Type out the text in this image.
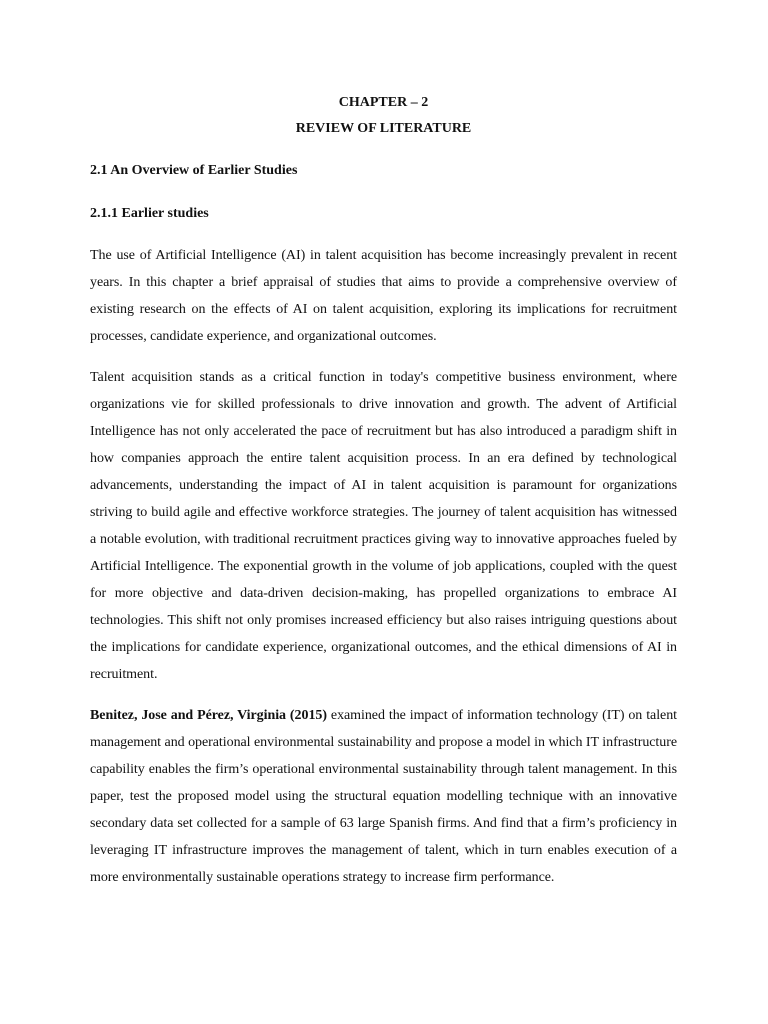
CHAPTER – 2
REVIEW OF LITERATURE
2.1 An Overview of Earlier Studies
2.1.1 Earlier studies

The use of Artificial Intelligence (AI) in talent acquisition has become increasingly prevalent in recent years. In this chapter a brief appraisal of studies that aims to provide a comprehensive overview of existing research on the effects of AI on talent acquisition, exploring its implications for recruitment processes, candidate experience, and organizational outcomes.

Talent acquisition stands as a critical function in today's competitive business environment, where organizations vie for skilled professionals to drive innovation and growth. The advent of Artificial Intelligence has not only accelerated the pace of recruitment but has also introduced a paradigm shift in how companies approach the entire talent acquisition process. In an era defined by technological advancements, understanding the impact of AI in talent acquisition is paramount for organizations striving to build agile and effective workforce strategies. The journey of talent acquisition has witnessed a notable evolution, with traditional recruitment practices giving way to innovative approaches fueled by Artificial Intelligence. The exponential growth in the volume of job applications, coupled with the quest for more objective and data-driven decision-making, has propelled organizations to embrace AI technologies. This shift not only promises increased efficiency but also raises intriguing questions about the implications for candidate experience, organizational outcomes, and the ethical dimensions of AI in recruitment.

Benitez, Jose and Pérez, Virginia (2015) examined the impact of information technology (IT) on talent management and operational environmental sustainability and propose a model in which IT infrastructure capability enables the firm’s operational environmental sustainability through talent management. In this paper, test the proposed model using the structural equation modelling technique with an innovative secondary data set collected for a sample of 63 large Spanish firms. And find that a firm’s proficiency in leveraging IT infrastructure improves the management of talent, which in turn enables execution of a more environmentally sustainable operations strategy to increase firm performance.
